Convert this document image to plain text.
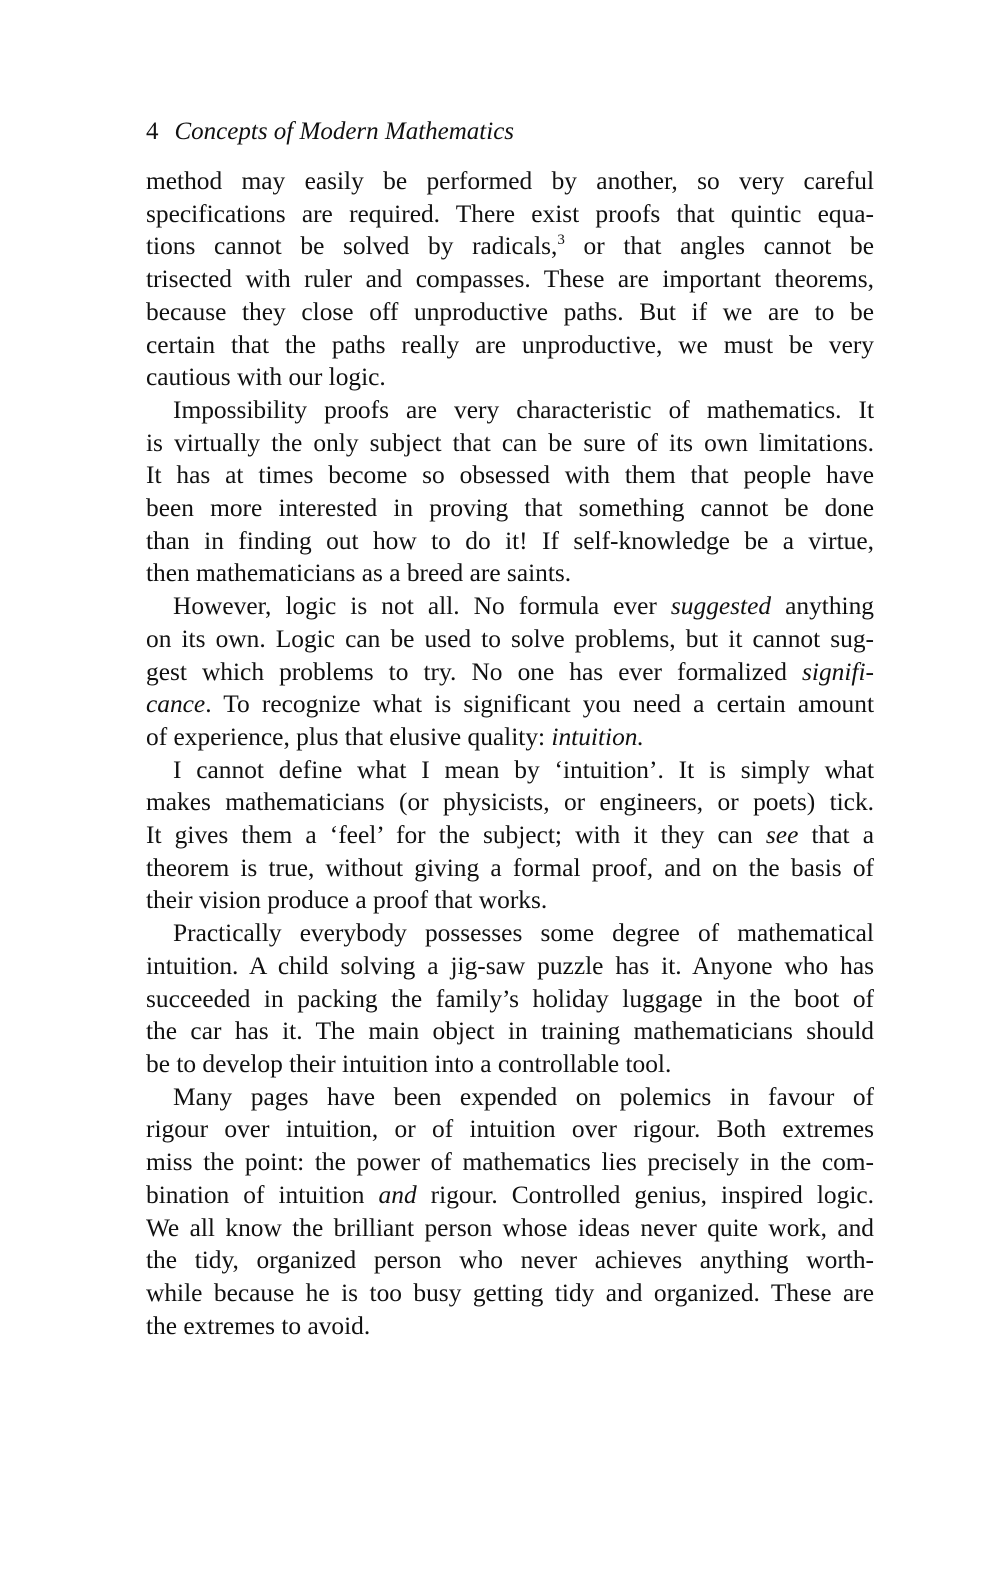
4 Concepts of Modern Mathematics
method may easily be performed by another, so very careful
specifications are required. There exist proofs that quintic equa-
tions cannot be solved by radicals,$^3$ or that angles cannot be
trisected with ruler and compasses. These are important theorems,
because they close off unproductive paths. But if we are to be
certain that the paths really are unproductive, we must be very
cautious with our logic.
Impossibility proofs are very characteristic of mathematics. It
is virtually the only subject that can be sure of its own limitations.
It has at times become so obsessed with them that people have
been more interested in proving that something cannot be done
than in finding out how to do it! If self-knowledge be a virtue,
then mathematicians as a breed are saints.
However, logic is not all. No formula ever suggested anything
on its own. Logic can be used to solve problems, but it cannot sug-
gest which problems to try. No one has ever formalized signifi-
cance. To recognize what is significant you need a certain amount
of experience, plus that elusive quality: intuition.
I cannot define what I mean by ‘intuition’. It is simply what
makes mathematicians (or physicists, or engineers, or poets) tick.
It gives them a ‘feel’ for the subject; with it they can see that a
theorem is true, without giving a formal proof, and on the basis of
their vision produce a proof that works.
Practically everybody possesses some degree of mathematical
intuition. A child solving a jig-saw puzzle has it. Anyone who has
succeeded in packing the family’s holiday luggage in the boot of
the car has it. The main object in training mathematicians should
be to develop their intuition into a controllable tool.
Many pages have been expended on polemics in favour of
rigour over intuition, or of intuition over rigour. Both extremes
miss the point: the power of mathematics lies precisely in the com-
bination of intuition and rigour. Controlled genius, inspired logic.
We all know the brilliant person whose ideas never quite work, and
the tidy, organized person who never achieves anything worth-
while because he is too busy getting tidy and organized. These are
the extremes to avoid.
